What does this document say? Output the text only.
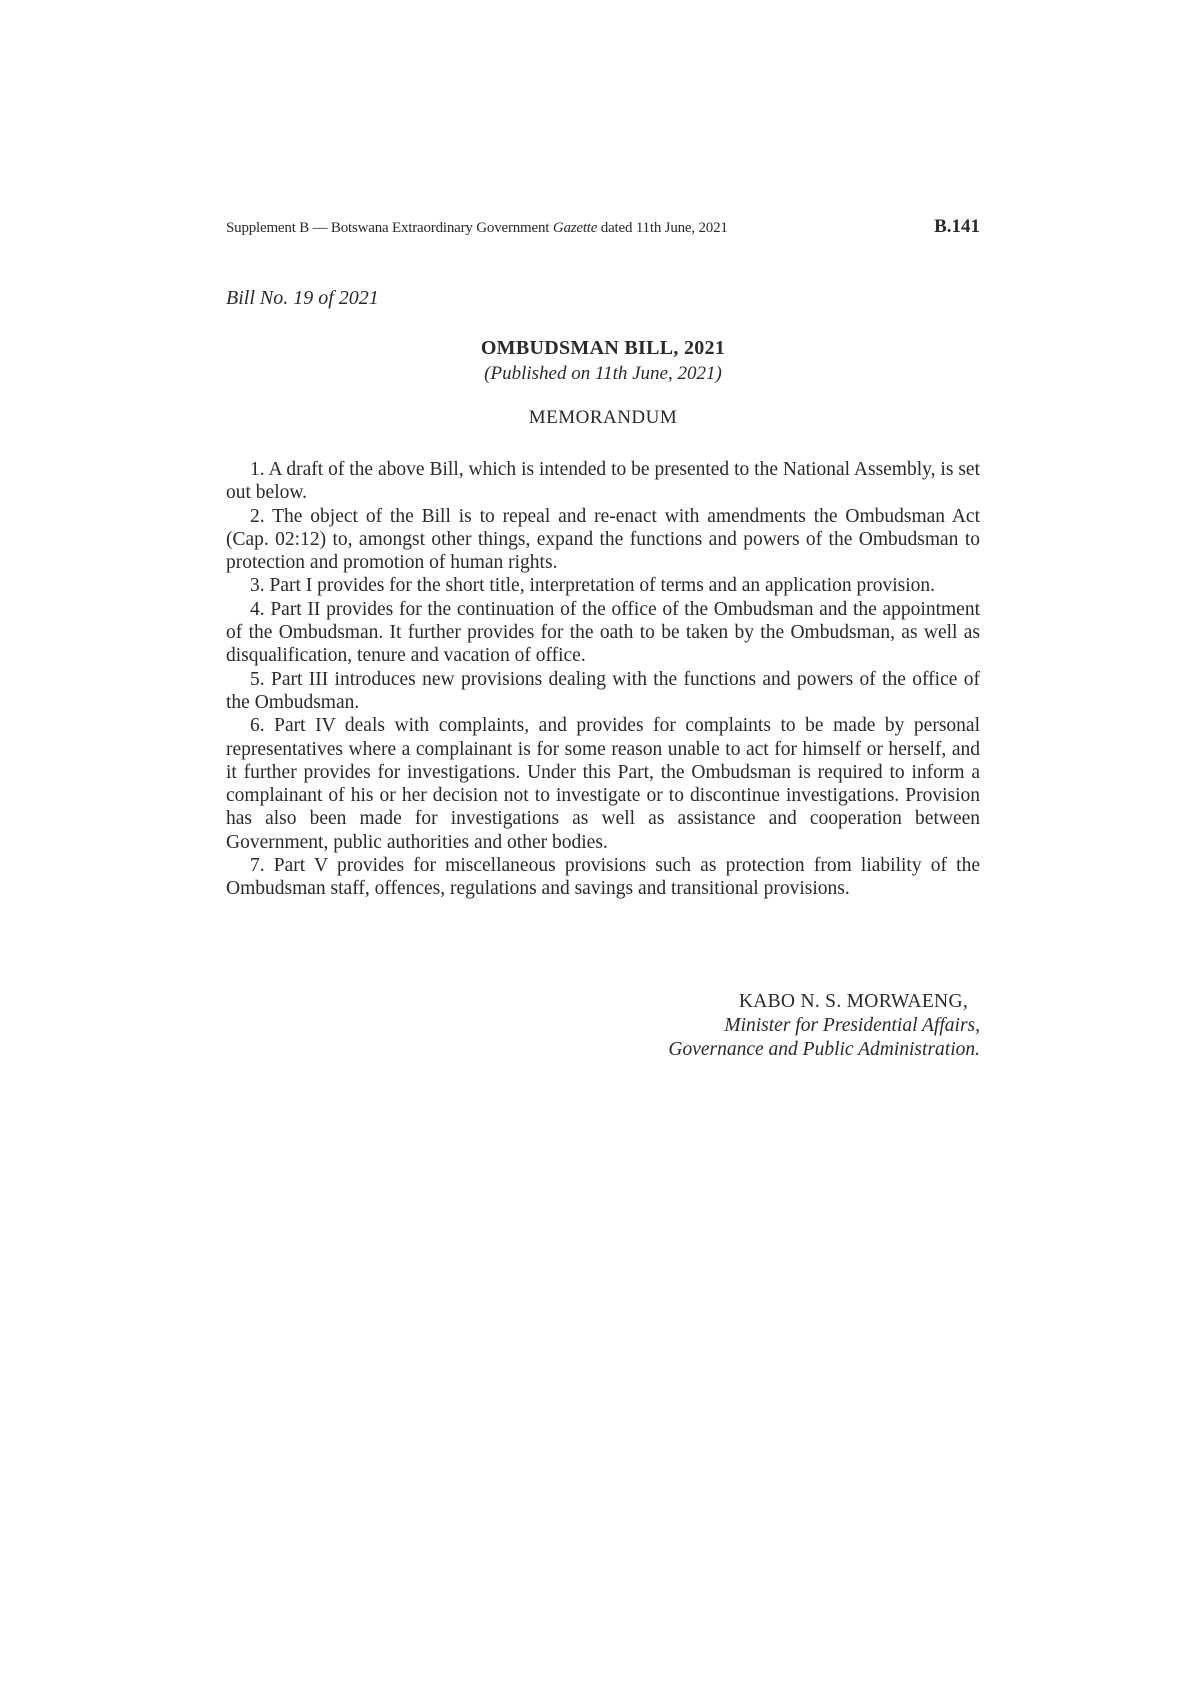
Supplement B — Botswana Extraordinary Government Gazette dated 11th June, 2021	B.141
Bill No. 19 of 2021
OMBUDSMAN BILL, 2021
(Published on 11th June, 2021)
MEMORANDUM

1. A draft of the above Bill, which is intended to be presented to the National Assembly, is set out below.

2. The object of the Bill is to repeal and re-enact with amendments the Ombudsman Act (Cap. 02:12) to, amongst other things, expand the functions and powers of the Ombudsman to protection and promotion of human rights.

3. Part I provides for the short title, interpretation of terms and an application provision.

4. Part II provides for the continuation of the office of the Ombudsman and the appointment of the Ombudsman. It further provides for the oath to be taken by the Ombudsman, as well as disqualification, tenure and vacation of office.

5. Part III introduces new provisions dealing with the functions and powers of the office of the Ombudsman.

6. Part IV deals with complaints, and provides for complaints to be made by personal representatives where a complainant is for some reason unable to act for himself or herself, and it further provides for investigations. Under this Part, the Ombudsman is required to inform a complainant of his or her decision not to investigate or to discontinue investigations. Provision has also been made for investigations as well as assistance and cooperation between Government, public authorities and other bodies.

7. Part V provides for miscellaneous provisions such as protection from liability of the Ombudsman staff, offences, regulations and savings and transitional provisions.

KABO N. S. MORWAENG,
Minister for Presidential Affairs,
Governance and Public Administration.
